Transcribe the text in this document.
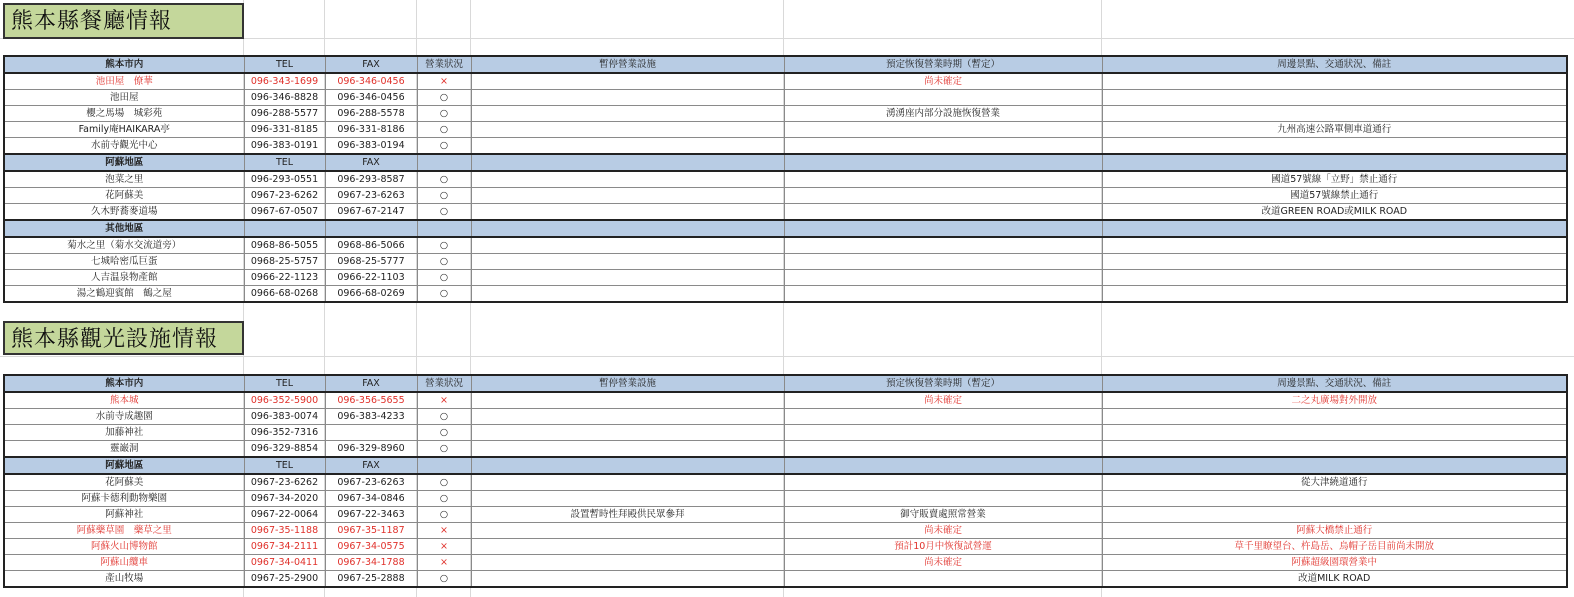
熊本縣餐廳情報
熊本市内	TEL	FAX	營業狀況	暫停營業設施	預定恢復營業時期（暫定）	周邊景點、交通狀況、備註
池田屋　僚華	096-343-1699	096-346-0456	×		尚未確定	
池田屋	096-346-8828	096-346-0456	○			
櫻之馬場　城彩苑	096-288-5577	096-288-5578	○		湧湧座内部分設施恢復營業	
Family庵HAIKARA亭	096-331-8185	096-331-8186	○			九州高速公路單側車道通行
水前寺觀光中心	096-383-0191	096-383-0194	○			
阿蘇地區	TEL	FAX				
泡菜之里	096-293-0551	096-293-8587	○			國道57號線「立野」禁止通行
花阿蘇美	0967-23-6262	0967-23-6263	○			國道57號線禁止通行
久木野蕎麥道場	0967-67-0507	0967-67-2147	○			改道GREEN ROAD或MILK ROAD
其他地區						
菊水之里（菊水交流道旁）	0968-86-5055	0968-86-5066	○			
七城哈密瓜巨蛋	0968-25-5757	0968-25-5777	○			
人吉温泉物產館	0966-22-1123	0966-22-1103	○			
湯之鶴迎賓館　鶴之屋	0966-68-0268	0966-68-0269	○			
熊本縣觀光設施情報
熊本市内	TEL	FAX	營業狀況	暫停營業設施	預定恢復營業時期（暫定）	周邊景點、交通狀況、備註
熊本城	096-352-5900	096-356-5655	×		尚未確定	二之丸廣場對外開放
水前寺成趣園	096-383-0074	096-383-4233	○			
加藤神社	096-352-7316		○			
靈巌洞	096-329-8854	096-329-8960	○			
阿蘇地區	TEL	FAX				
花阿蘇美	0967-23-6262	0967-23-6263	○			從大津繞道通行
阿蘇卡德利動物樂園	0967-34-2020	0967-34-0846	○			
阿蘇神社	0967-22-0064	0967-22-3463	○	設置暫時性拜殿供民眾參拜	御守販賣處照常營業	
阿蘇藥草園　藥草之里	0967-35-1188	0967-35-1187	×		尚未確定	阿蘇大橋禁止通行
阿蘇火山博物館	0967-34-2111	0967-34-0575	×		預計10月中恢復試營運	草千里瞭望台、杵島岳、烏帽子岳目前尚未開放
阿蘇山纜車	0967-34-0411	0967-34-1788	×		尚未確定	阿蘇超級園環營業中
產山牧場	0967-25-2900	0967-25-2888	○			改道MILK ROAD
